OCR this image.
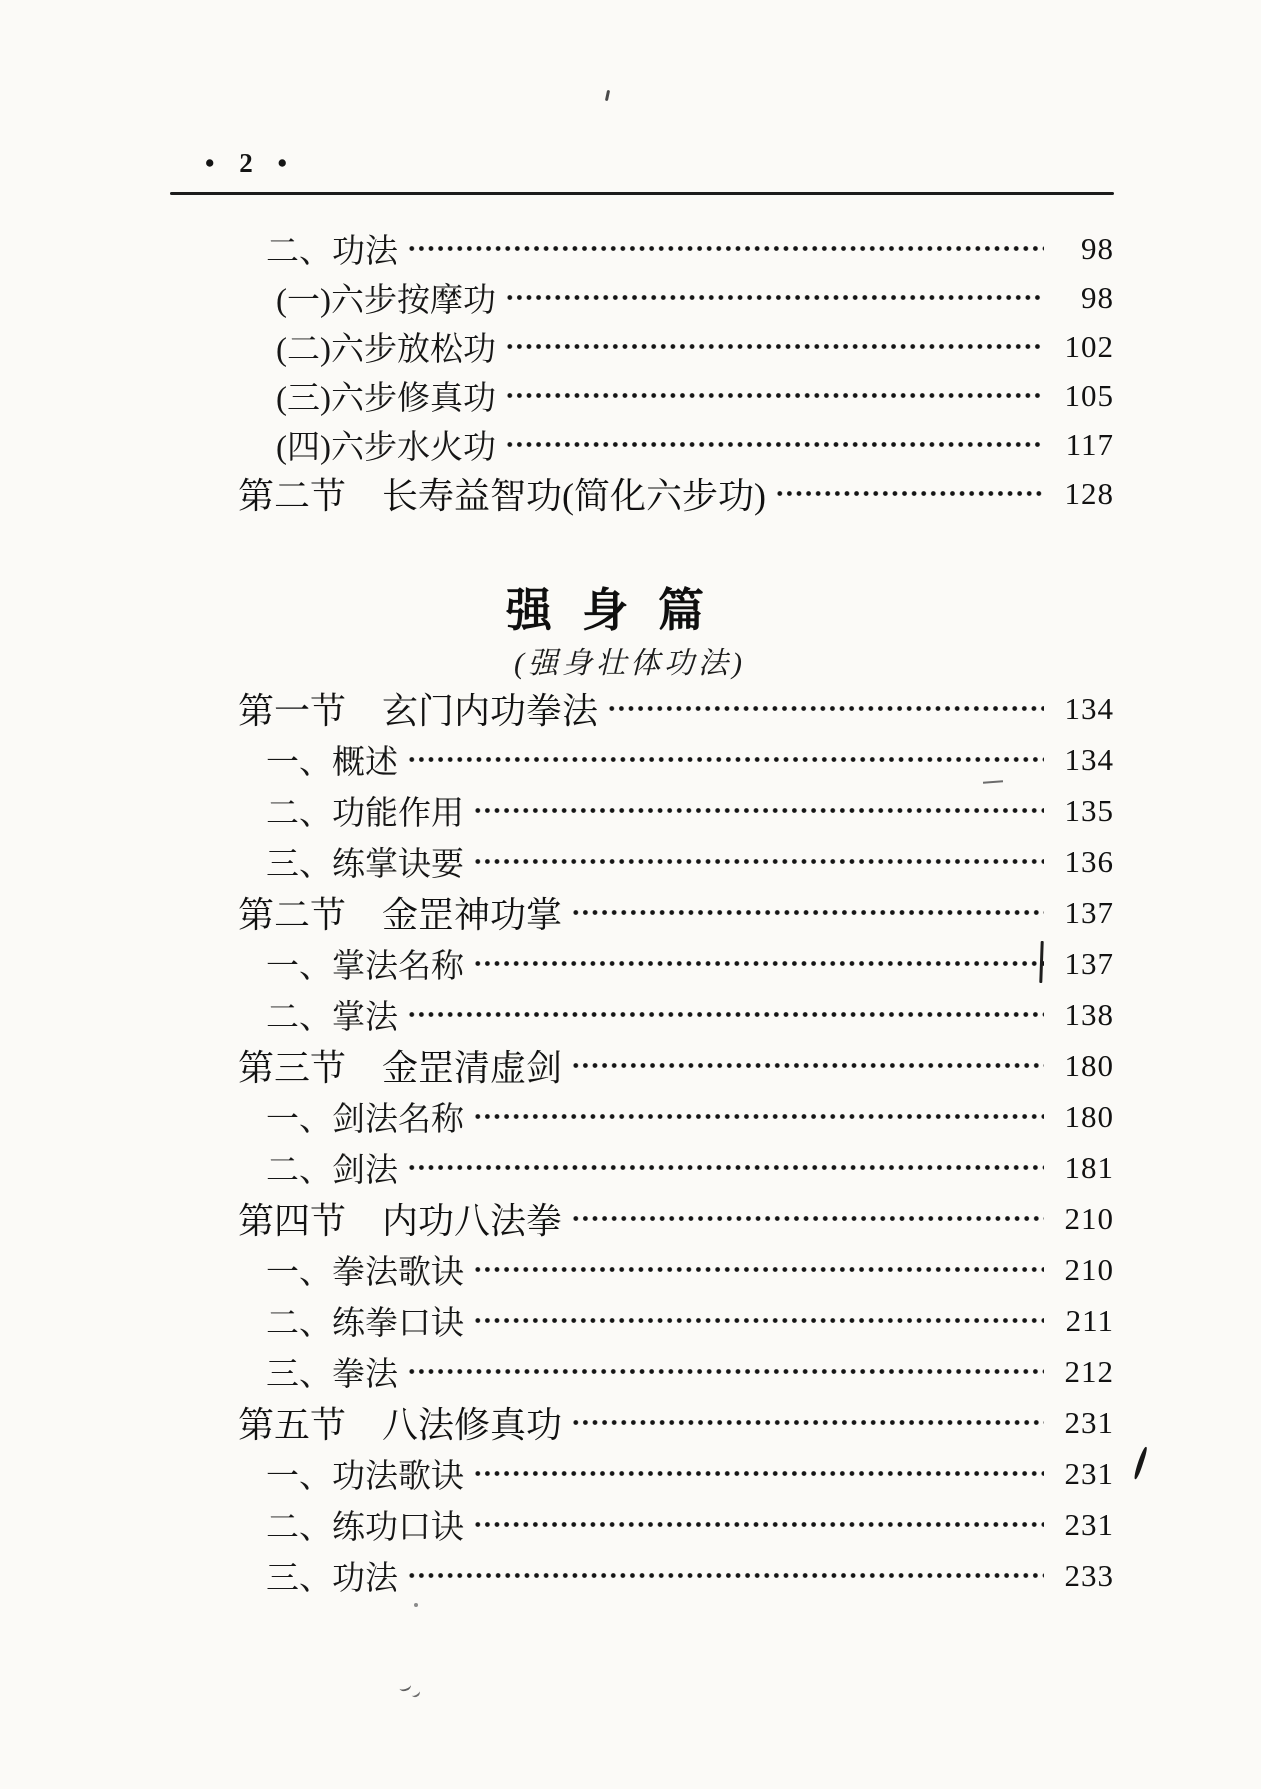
• 2 •
二、功法	98
(一)六步按摩功	98
(二)六步放松功	102
(三)六步修真功	105
(四)六步水火功	117
第二节　长寿益智功(简化六步功)	128
强身篇
(强身壮体功法)
第一节　玄门内功拳法	134
一、概述	134
二、功能作用	135
三、练掌诀要	136
第二节　金罡神功掌	137
一、掌法名称	137
二、掌法	138
第三节　金罡清虚剑	180
一、剑法名称	180
二、剑法	181
第四节　内功八法拳	210
一、拳法歌诀	210
二、练拳口诀	211
三、拳法	212
第五节　八法修真功	231
一、功法歌诀	231
二、练功口诀	231
三、功法	233
